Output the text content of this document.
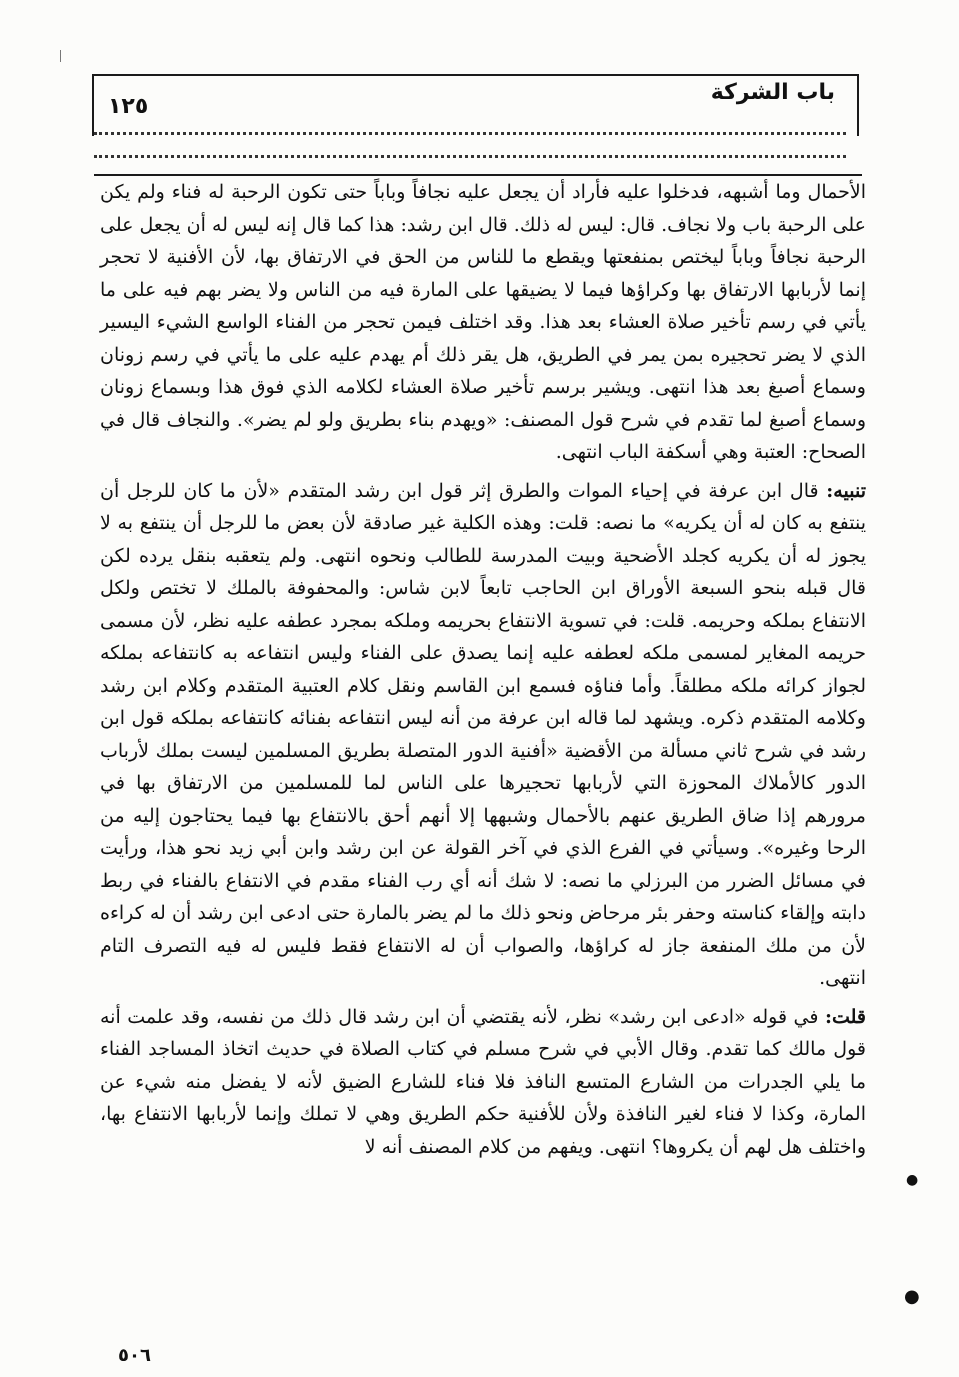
باب الشركة
١٢٥

الأحمال وما أشبهه، فدخلوا عليه فأراد أن يجعل عليه نجافاً وباباً حتى تكون الرحبة له فناء ولم يكن على الرحبة باب ولا نجاف. قال: ليس له ذلك. قال ابن رشد: هذا كما قال إنه ليس له أن يجعل على الرحبة نجافاً وباباً ليختص بمنفعتها ويقطع ما للناس من الحق في الارتفاق بها، لأن الأفنية لا تحجر إنما لأربابها الارتفاق بها وكراؤها فيما لا يضيقها على المارة فيه من الناس ولا يضر بهم فيه على ما يأتي في رسم تأخير صلاة العشاء بعد هذا. وقد اختلف فيمن تحجر من الفناء الواسع الشيء اليسير الذي لا يضر تحجيره بمن يمر في الطريق، هل يقر ذلك أم يهدم عليه على ما يأتي في رسم زونان وسماع أصبغ بعد هذا انتهى. ويشير برسم تأخير صلاة العشاء لكلامه الذي فوق هذا وبسماع زونان وسماع أصبغ لما تقدم في شرح قول المصنف: «ويهدم بناء بطريق ولو لم يضر». والنجاف قال في الصحاح: العتبة وهي أسكفة الباب انتهى.

تنبيه: قال ابن عرفة في إحياء الموات والطرق إثر قول ابن رشد المتقدم «لأن ما كان للرجل أن ينتفع به كان له أن يكريه» ما نصه: قلت: وهذه الكلية غير صادقة لأن بعض ما للرجل أن ينتفع به لا يجوز له أن يكريه كجلد الأضحية وبيت المدرسة للطالب ونحوه انتهى. ولم يتعقبه بنقل يرده لكن قال قبله بنحو السبعة الأوراق ابن الحاجب تابعاً لابن شاس: والمحفوفة بالملك لا تختص ولكل الانتفاع بملكه وحريمه. قلت: في تسوية الانتفاع بحريمه وملكه بمجرد عطفه عليه نظر، لأن مسمى حريمه المغاير لمسمى ملكه لعطفه عليه إنما يصدق على الفناء وليس انتفاعه به كانتفاعه بملكه لجواز كرائه ملكه مطلقاً. وأما فناؤه فسمع ابن القاسم ونقل كلام العتبية المتقدم وكلام ابن رشد وكلامه المتقدم ذكره. ويشهد لما قاله ابن عرفة من أنه ليس انتفاعه بفنائه كانتفاعه بملكه قول ابن رشد في شرح ثاني مسألة من الأقضية «أفنية الدور المتصلة بطريق المسلمين ليست بملك لأرباب الدور كالأملاك المحوزة التي لأربابها تحجيرها على الناس لما للمسلمين من الارتفاق بها في مرورهم إذا ضاق الطريق عنهم بالأحمال وشبهها إلا أنهم أحق بالانتفاع بها فيما يحتاجون إليه من الرحا وغيره». وسيأتي في الفرع الذي في آخر القولة عن ابن رشد وابن أبي زيد نحو هذا، ورأيت في مسائل الضرر من البرزلي ما نصه: لا شك أنه أي رب الفناء مقدم في الانتفاع بالفناء في ربط دابته وإلقاء كناسته وحفر بئر مرحاض ونحو ذلك ما لم يضر بالمارة حتى ادعى ابن رشد أن له كراءه لأن من ملك المنفعة جاز له كراؤها، والصواب أن له الانتفاع فقط فليس له فيه التصرف التام انتهى.

قلت: في قوله «ادعى ابن رشد» نظر، لأنه يقتضي أن ابن رشد قال ذلك من نفسه، وقد علمت أنه قول مالك كما تقدم. وقال الأبي في شرح مسلم في كتاب الصلاة في حديث اتخاذ المساجد الفناء ما يلي الجدرات من الشارع المتسع النافذ فلا فناء للشارع الضيق لأنه لا يفضل منه شيء عن المارة، وكذا لا فناء لغير النافذة ولأن للأفنية حكم الطريق وهي لا تملك وإنما لأربابها الانتفاع بها، واختلف هل لهم أن يكروها؟ انتهى. ويفهم من كلام المصنف أنه لا

●
●
٥٠٦
